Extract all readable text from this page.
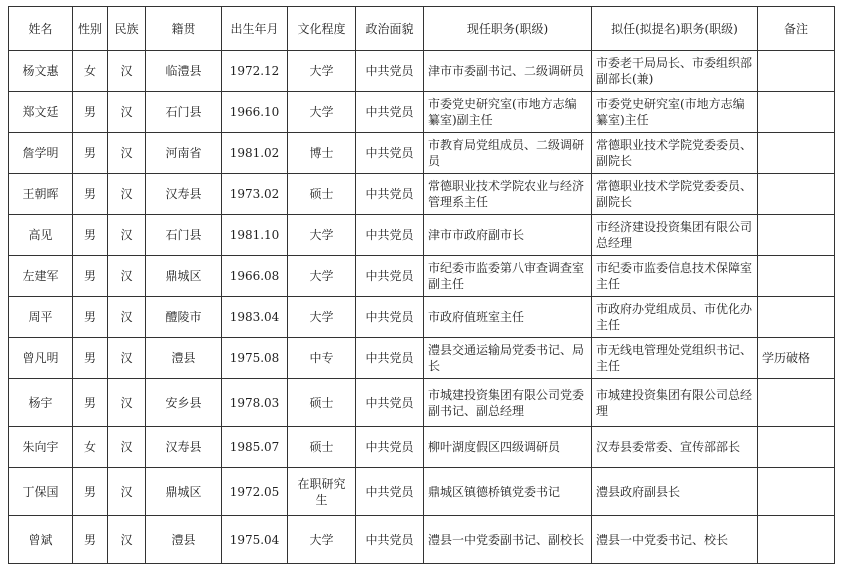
姓名	性别	民族	籍贯	出生年月	文化程度	政治面貌	现任职务(职级)	拟任(拟提名)职务(职级)	备注
杨文惠	女	汉	临澧县	1972.12	大学	中共党员	津市市委副书记、二级调研员	市委老干局局长、市委组织部副部长(兼)	
郑文廷	男	汉	石门县	1966.10	大学	中共党员	市委党史研究室(市地方志编纂室)副主任	市委党史研究室(市地方志编纂室)主任	
詹学明	男	汉	河南省	1981.02	博士	中共党员	市教育局党组成员、二级调研员	常德职业技术学院党委委员、副院长	
王朝晖	男	汉	汉寿县	1973.02	硕士	中共党员	常德职业技术学院农业与经济管理系主任	常德职业技术学院党委委员、副院长	
高见	男	汉	石门县	1981.10	大学	中共党员	津市市政府副市长	市经济建设投资集团有限公司总经理	
左建军	男	汉	鼎城区	1966.08	大学	中共党员	市纪委市监委第八审查调查室副主任	市纪委市监委信息技术保障室主任	
周平	男	汉	醴陵市	1983.04	大学	中共党员	市政府值班室主任	市政府办党组成员、市优化办主任	
曾凡明	男	汉	澧县	1975.08	中专	中共党员	澧县交通运输局党委书记、局长	市无线电管理处党组织书记、主任	学历破格
杨宇	男	汉	安乡县	1978.03	硕士	中共党员	市城建投资集团有限公司党委副书记、副总经理	市城建投资集团有限公司总经理	
朱向宇	女	汉	汉寿县	1985.07	硕士	中共党员	柳叶湖度假区四级调研员	汉寿县委常委、宣传部部长	
丁保国	男	汉	鼎城区	1972.05	在职研究生	中共党员	鼎城区镇德桥镇党委书记	澧县政府副县长	
曾斌	男	汉	澧县	1975.04	大学	中共党员	澧县一中党委副书记、副校长	澧县一中党委书记、校长	
